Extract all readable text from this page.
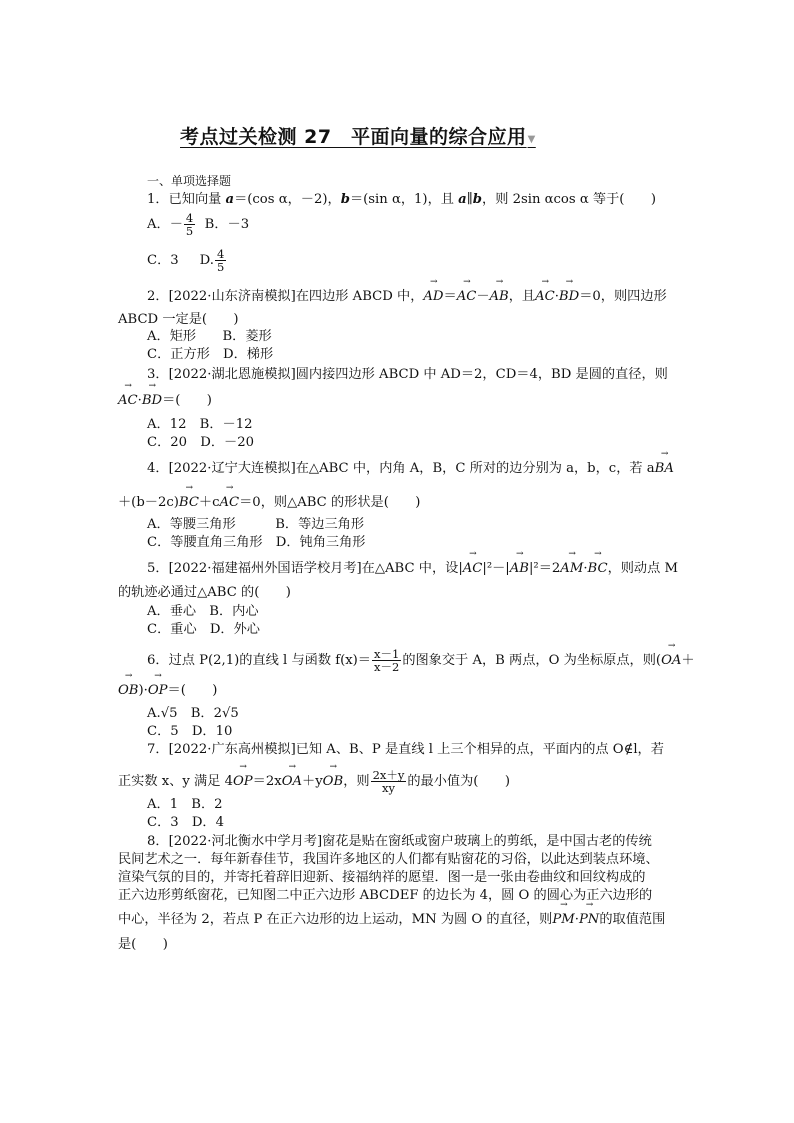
考点过关检测 27　平面向量的综合应用▼
一、单项选择题
1．已知向量 a＝(cos α，－2)，b＝(sin α，1)，且 a∥b，则 2sin αcos α 等于(　　)
A．－ $\frac{4}{5}$ B．－3
C．3 D. $\frac{4}{5}$
2．[2022·山东济南模拟]在四边形 ABCD 中，→ AD＝→ AC－→ AB，且→ AC·→ BD＝0，则四边形
ABCD 一定是(　　)
A．矩形　　B．菱形
C．正方形　D．梯形
3．[2022·湖北恩施模拟]圆内接四边形 ABCD 中 AD＝2，CD＝4，BD 是圆的直径，则
→ AC·→ BD＝(　　)
A．12　B．－12
C．20　D．－20
4．[2022·辽宁大连模拟]在△ABC 中，内角 A，B，C 所对的边分别为 a，b，c，若 a→ BA
＋(b－2c)→ BC＋c→ AC＝0，则△ABC 的形状是(　　)
A．等腰三角形　　　B．等边三角形
C．等腰直角三角形　D．钝角三角形
5．[2022·福建福州外国语学校月考]在△ABC 中，设|→ AC|²－|→ AB|²＝2→ AM·→ BC，则动点 M
的轨迹必通过△ABC 的(　　)
A．垂心　B．内心
C．重心　D．外心
6．过点 P(2,1)的直线 l 与函数 $f(x)= \frac{x-1}{x-2}$ 的图象交于 A，B 两点，O 为坐标原点，则(→ OA＋
→ OB)·→ OP＝(　　)
A.√5　B．2√5
C．5　D．10
7．[2022·广东高州模拟]已知 A、B、P 是直线 l 上三个相异的点，平面内的点 O∉l，若
正实数 x、y 满足 4→ OP＝2x→ OA＋y→ OB，则 $\frac{2x+y}{xy}$ 的最小值为(　　)
A．1　B．2
C．3　D．4
8．[2022·河北衡水中学月考]窗花是贴在窗纸或窗户玻璃上的剪纸，是中国古老的传统
民间艺术之一．每年新春佳节，我国许多地区的人们都有贴窗花的习俗，以此达到装点环境、
渲染气氛的目的，并寄托着辞旧迎新、接福纳祥的愿望．图一是一张由卷曲纹和回纹构成的
正六边形剪纸窗花，已知图二中正六边形 ABCDEF 的边长为 4，圆 O 的圆心为正六边形的
中心，半径为 2，若点 P 在正六边形的边上运动，MN 为圆 O 的直径，则→ PM·→ PN的取值范围
是(　　)
